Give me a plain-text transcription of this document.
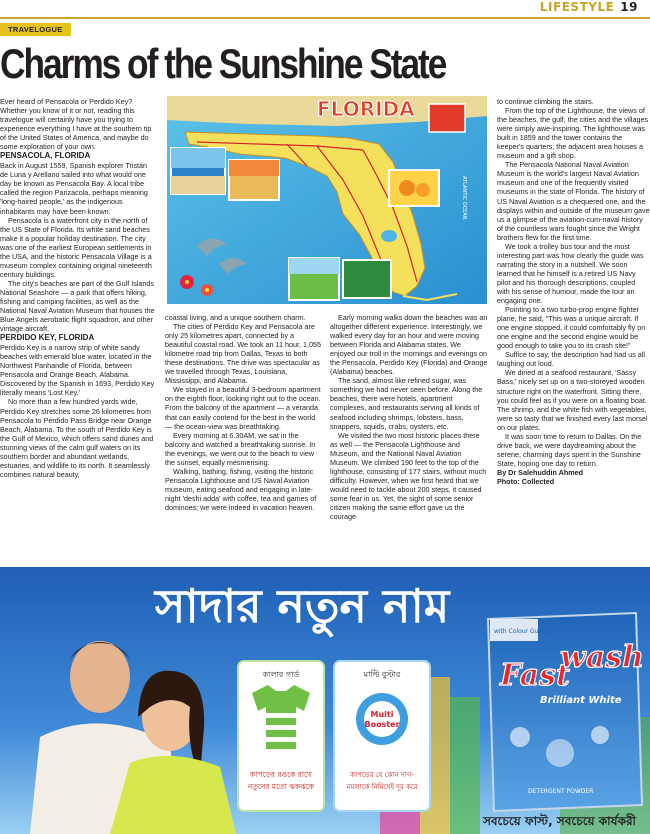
LIFESTYLE 19
TRAVELOGUE
Charms of the Sunshine State

Ever heard of Pensacola or Perdido Key? Whether you know of it or not, reading this travelogue will certainly have you trying to experience everything I have at the southern tip of the United States of America, and maybe do some exploration of your own.

PENSACOLA, FLORIDA

Back in August 1559, Spanish explorer Tristán de Luna y Arellano sailed into what would one day be known as Pensacola Bay. A local tribe called the region Panzacola, perhaps meaning 'long-haired people,' as the indigenous inhabitants may have been known.

Pensacola is a waterfront city in the north of the US State of Florida. Its white sand beaches make it a popular holiday destination. The city was one of the earliest European settlements in the USA, and the historic Pensacola Village is a museum complex containing original nineteenth century buildings.

The city's beaches are part of the Gulf Islands National Seashore — a park that offers hiking, fishing and camping facilities, as well as the National Naval Aviation Museum that houses the Blue Angels aerobatic flight squadron, and other vintage aircraft.

PERDIDO KEY, FLORIDA

Perdido Key is a narrow strip of white sandy beaches with emerald blue water, located in the Northwest Panhandle of Florida, between Pensacola and Orange Beach, Alabama. Discovered by the Spanish in 1693, Perdido Key literally means 'Lost Key.'

No more than a few hundred yards wide, Perdido Key stretches some 26 kilometres from Pensacola to Perdido Pass Bridge near Orange Beach, Alabama. To the south of Perdido Key is the Gulf of Mexico, which offers sand dunes and stunning views of the calm gulf waters on its southern border and abundant wetlands, estuaries, and wildlife to its north. It seamlessly combines natural beauty,

FLORIDA
ATLANTIC OCEAN

coastal living, and a unique southern charm.

The cities of Perdido Key and Pensacola are only 25 kilometres apart, connected by a beautiful coastal road. We took an 11 hour, 1,055 kilometre road trip from Dallas, Texas to both these destinations. The drive was spectacular as we travelled through Texas, Louisiana, Mississippi, and Alabama.

We stayed in a beautiful 3-bedroom apartment on the eighth floor, looking right out to the ocean. From the balcony of the apartment — a veranda that can easily contend for the best in the world — the ocean-view was breathtaking.

Every morning at 6.30AM, we sat in the balcony and watched a breathtaking sunrise. In the evenings, we went out to the beach to view the sunset, equally mesmerising.

Walking, bathing, fishing, visiting the historic Pensacola Lighthouse and US Naval Aviation museum, eating seafood and engaging in late-night 'deshi adda' with coffee, tea and games of dominoes; we were indeed in vacation heaven.

Early morning walks down the beaches was an altogether different experience. Interestingly, we walked every day for an hour and were moving between Florida and Alabama states. We enjoyed our troll in the mornings and evenings on the Pensacola, Perdido Key (Florida) and Orange (Alabama) beaches.

The sand, almost like refined sugar, was something we had never seen before. Along the beaches, there were hotels, apartment complexes, and restaurants serving all kinds of seafood including shrimps, lobsters, bass, snappers, squids, crabs, oysters, etc.

We visited the two most historic places there as well — the Pensacola Lighthouse and Museum, and the National Naval Aviation Museum. We climbed 190 feet to the top of the lighthouse, consisting of 177 stairs, without much difficulty. However, when we first heard that we would need to tackle about 200 steps, it caused some fear in us. Yet, the sight of some senior citizen making the same effort gave us the courage

to continue climbing the stairs.

From the top of the Lighthouse, the views of the beaches, the gulf, the cities and the villages were simply awe-inspiring. The lighthouse was built in 1859 and the tower contains the keeper's quarters; the adjacent area houses a museum and a gift shop.

The Pensacola National Naval Aviation Museum is the world's largest Naval Aviation museum and one of the frequently visited museums in the state of Florida. The history of US Naval Aviation is a chequered one, and the displays within and outside of the museum gave us a glimpse of the aviation-cum-naval history of the countless wars fought since the Wright brothers flew for the first time.

We took a trolley bus tour and the most interesting part was how clearly the guide was narrating the story in a nutshell. We soon learned that he himself is a retired US Navy pilot and his thorough descriptions, coupled with his sense of humour, made the tour an engaging one.

Pointing to a two turbo-prop engine fighter plane, he said, "This was a unique aircraft. If one engine stopped, it could comfortably fly on one engine and the second engine would be good enough to take you to its crash site!"

Suffice to say, the description had had us all laughing out loud.

We dined at a seafood restaurant, 'Sassy Bass,' nicely set up on a two-storeyed wooden structure right on the waterfront. Sitting there, you could feel as if you were on a floating boat. The shrimp, and the white fish with vegetables, were so tasty that we finished every last morsel on our plates.

It was soon time to return to Dallas. On the drive back, we were daydreaming about the serene, charming days spent in the Sunshine State, hoping one day to return.

By Dr Salehuddin Ahmed

Photo: Collected

সাদার নতুন নাম
কালার গার্ড
কাপড়ের রঙকে রাখে
নতুনের মতো ঝকঝকে
মাল্টি বুস্টার
Multi
Booster
কাপড়ের যে কোন দাগ-
ময়লাকে নিমিষেই দূর করে
with Colour Guard
Fast
wash
Brilliant White
DETERGENT POWDER
সবচেয়ে ফাস্ট, সবচেয়ে কার্যকরী
